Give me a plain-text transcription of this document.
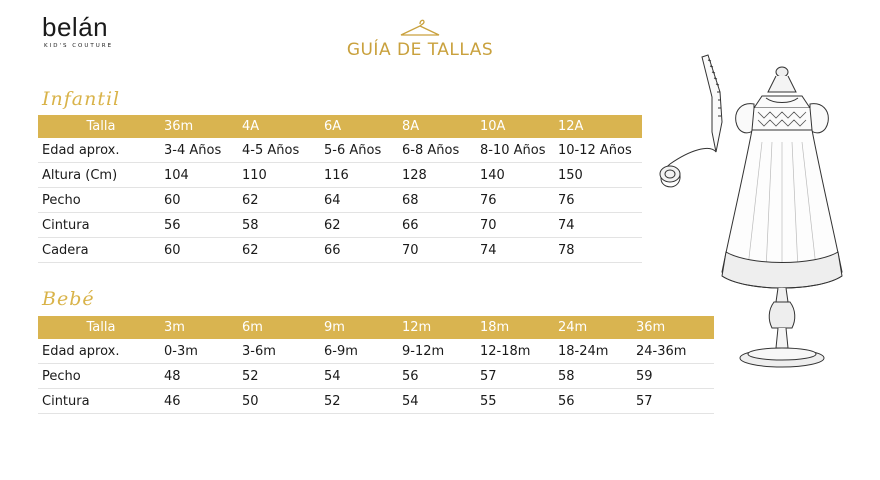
belán
KID'S COUTURE	GUÍA DE TALLAS
Infantil
Talla	36m	4A	6A	8A	10A	12A
Edad aprox.	3-4 Años	4-5 Años	5-6 Años	6-8 Años	8-10 Años	10-12 Años
Altura (Cm)	104	110	116	128	140	150
Pecho	60	62	64	68	76	76
Cintura	56	58	62	66	70	74
Cadera	60	62	66	70	74	78
Bebé
Talla	3m	6m	9m	12m	18m	24m	36m
Edad aprox.	0-3m	3-6m	6-9m	9-12m	12-18m	18-24m	24-36m
Pecho	48	52	54	56	57	58	59
Cintura	46	50	52	54	55	56	57
